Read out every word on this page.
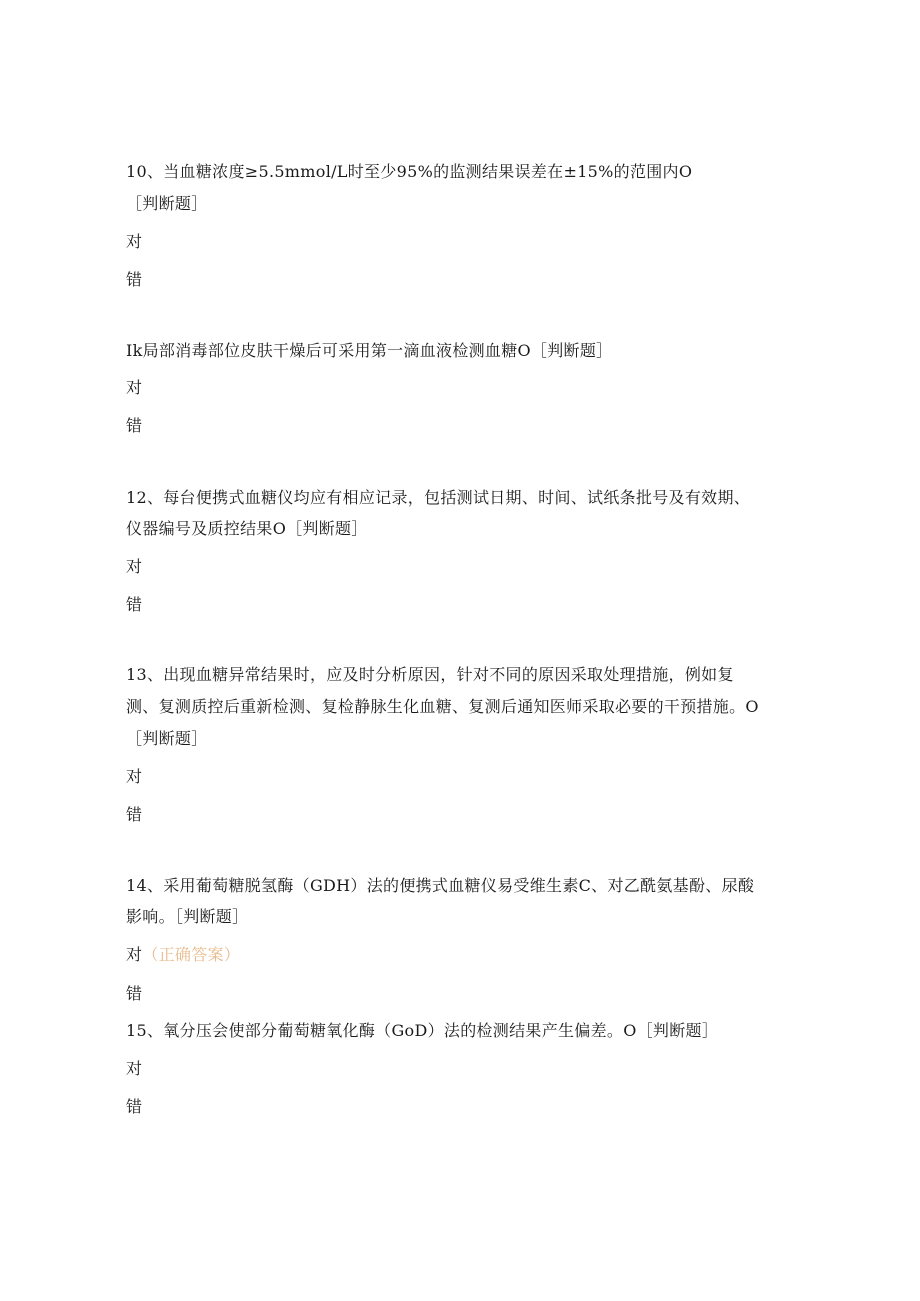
10、当血糖浓度≥5.5mmol/L时至少95%的监测结果误差在±15%的范围内O
［判断题］
对
错
Ik局部消毒部位皮肤干燥后可采用第一滴血液检测血糖O［判断题］
对
错
12、每台便携式血糖仪均应有相应记录，包括测试日期、时间、试纸条批号及有效期、
仪器编号及质控结果O［判断题］
对
错
13、出现血糖异常结果时，应及时分析原因，针对不同的原因采取处理措施，例如复
测、复测质控后重新检测、复检静脉生化血糖、复测后通知医师采取必要的干预措施。O
［判断题］
对
错
14、采用葡萄糖脱氢酶（GDH）法的便携式血糖仪易受维生素C、对乙酰氨基酚、尿酸
影响。［判断题］
对（正确答案）
错
15、氧分压会使部分葡萄糖氧化酶（GoD）法的检测结果产生偏差。O［判断题］
对
错
